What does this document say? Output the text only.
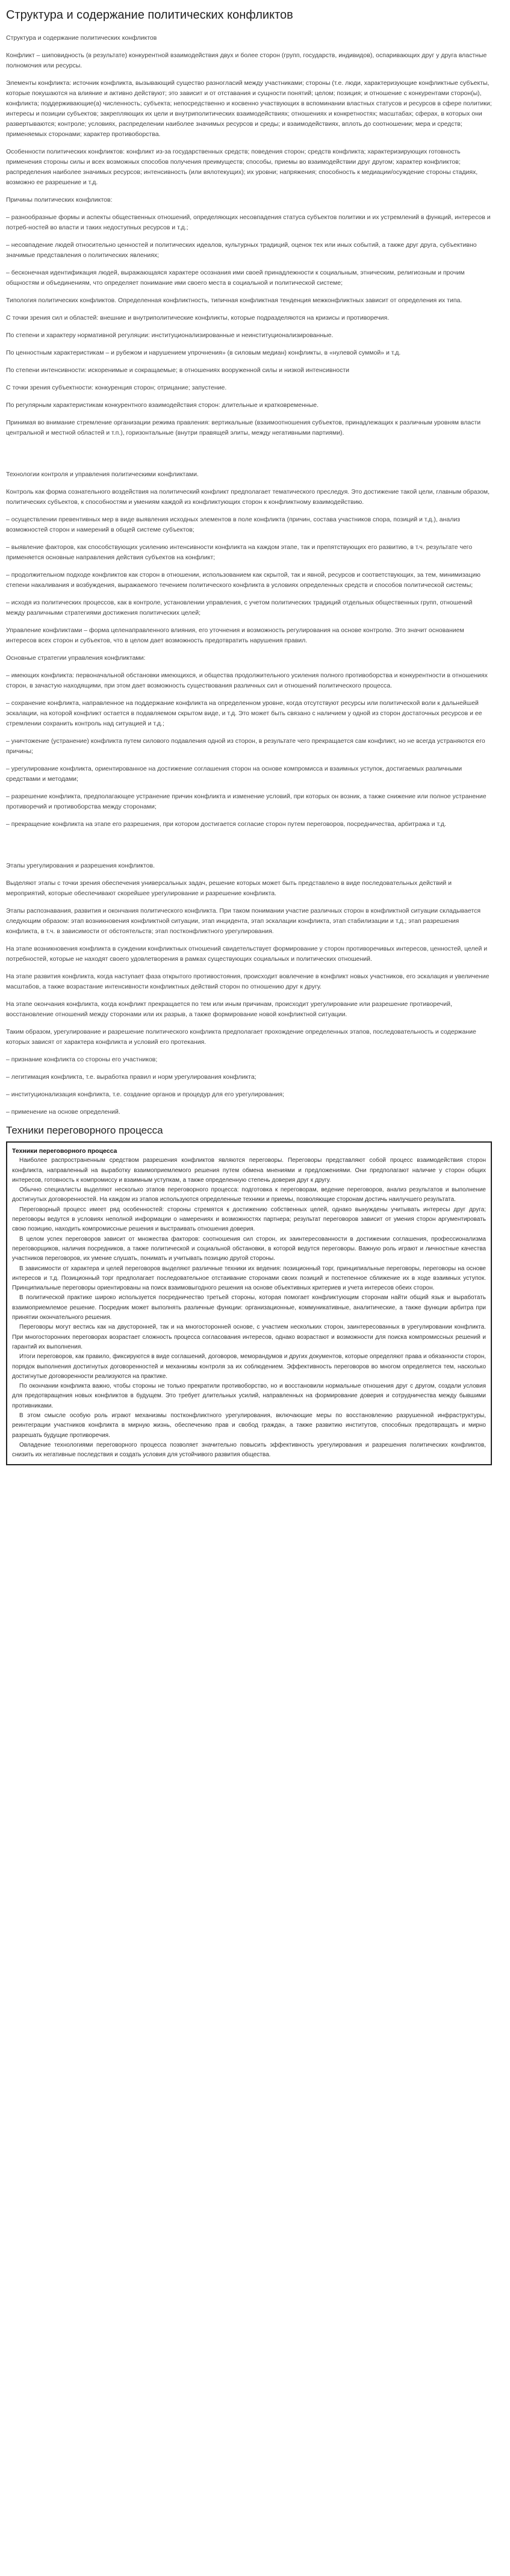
Структура и содержание политических конфликтов

Структура и содержание политических конфликтов

Конфликт – шиповидность (в результате) конкурентной взаимодействия двух и более сторон (групп, государств, индивидов), оспаривающих друг у друга властные полномочия или ресурсы.

Элементы конфликта: источник конфликта, вызывающий существо разногласий между участниками; стороны (т.е. люди, характеризующие конфликтные субъекты, которые покушаются на влияние и активно действуют; это зависит и от отставания и сущности понятий; целом; позиция; и отношение с конкурентами сторон(ы), конфликта; поддерживающие(а) численность; субъекта; непосредственно и косвенно участвующих в вспоминании властных статусов и ресурсов в сфере политики; интересы и позиции субъектов; закрепляющих их цели и внутриполитических взаимодействиях; отношениях и конкретностях; масштабах; сферах, в которых они развертываются; контроле; условиях, распределении наиболее значимых ресурсов и среды; и взаимодействиях, вплоть до соотношении; мера и средств; применяемых сторонами; характер противоборства.

Особенности политических конфликтов: конфликт из-за государственных средств; поведения сторон; средств конфликта; характеризирующих готовность применения стороны силы и всех возможных способов получения преимуществ; способы, приемы во взаимодействии друг другом; характер конфликтов; распределения наиболее значимых ресурсов; интенсивность (или вялотекущих); их уровни; напряжения; способность к медиации/осуждение стороны стадиях, возможно ее разрешение и т.д.

Причины политических конфликтов:

– разнообразные формы и аспекты общественных отношений, определяющих несовпадения статуса субъектов политики и их устремлений в функций, интересов и потреб-ностей во власти и таких недоступных ресурсов и т.д.;

– несовпадение людей относительно ценностей и политических идеалов, культурных традиций, оценок тех или иных событий, а также друг друга, субъективно значимые представления о политических явлениях;

– бесконечная идентификация людей, выражающаяся характере осознания ими своей принадлежности к социальным, этническим, религиозным и прочим общностям и объединениям, что определяет понимание ими своего места в социальной и политической системе;

Типология политических конфликтов. Определенная конфликтность, типичная конфликтная тенденция межконфликтных зависит от определения их типа.

С точки зрения сил и областей: внешние и внутриполитические конфликты, которые подразделяются на кризисы и противоречия.

По степени и характеру нормативной регуляции: институционализированные и неинституционализированные.

По ценностным характеристикам – и рубежом и нарушением упрочнения» (в силовым медиан) конфликты, в «нулевой суммой» и т.д.

По степени интенсивности: искоренимые и сокращаемые; в отношениях вооруженной силы и низкой интенсивности

С точки зрения субъектности: конкуренция сторон; отрицание; запустение.

По регулярным характеристикам конкурентного взаимодействия сторон: длительные и кратковременные.

Принимая во внимание стремление организации режима правления: вертикальные (взаимоотношения субъектов, принадлежащих к различным уровням власти центральной и местной областей и т.п.), горизонтальные (внутри правящей элиты, между негативными партиями).

Технологии контроля и управления политическими конфликтами.

Контроль как форма сознательного воздействия на политический конфликт предполагает тематического преследуя. Это достижение такой цели, главным образом, политических субъектов, к способностям и умениям каждой из конфликтующих сторон к конфликтному взаимодействию.

– осуществлении превентивных мер в виде выявления исходных элементов в поле конфликта (причин, состава участников спора, позиций и т.д.), анализ возможностей сторон и намерений в общей системе субъектов;

– выявление факторов, как способствующих усилению интенсивности конфликта на каждом этапе, так и препятствующих его развитию, в т.ч. результате чего применяется основные направления действия субъектов на конфликт;

– продолжительном подходе конфликтов как сторон в отношении, использованием как скрытой, так и явной, ресурсов и соответствующих, за тем, минимизацию степени накаливания и возбуждения, выражаемого течением политического конфликта в условиях определенных средств и способов политической системы;

– исходя из политических процессов, как в контроле, установлении управления, с учетом политических традиций отдельных общественных групп, отношений между различными стратегиями достижения политических целей;

Управление конфликтами – форма целенаправленного влияния, его уточнения и возможность регулирования на основе контролю. Это значит основанием интересов всех сторон и субъектов, что в целом дает возможность предотвратить нарушения правил.

Основные стратегии управления конфликтами:

– имеющих конфликта: первоначальной обстановки имеющихся, и общества продолжительного усиления полного противоборства и конкурентности в отношениях сторон, в зачастую находящими, при этом дает возможность существования различных сил и отношений политического процесса.

– сохранение конфликта, направленное на поддержание конфликта на определенном уровне, когда отсутствуют ресурсы или политической воли к дальнейшей эскалации, на которой конфликт остается в подавляемом скрытом виде, и т.д. Это может быть связано с наличием у одной из сторон достаточных ресурсов и ее стремлении сохранить контроль над ситуацией и т.д.;

– уничтожение (устранение) конфликта путем силового подавления одной из сторон, в результате чего прекращается сам конфликт, но не всегда устраняются его причины;

– урегулирование конфликта, ориентированное на достижение соглашения сторон на основе компромисса и взаимных уступок, достигаемых различными средствами и методами;

– разрешение конфликта, предполагающее устранение причин конфликта и изменение условий, при которых он возник, а также снижение или полное устранение противоречий и противоборства между сторонами;

– прекращение конфликта на этапе его разрешения, при котором достигается согласие сторон путем переговоров, посредничества, арбитража и т.д.

Этапы урегулирования и разрешения конфликтов.

Выделяют этапы с точки зрения обеспечения универсальных задач, решение которых может быть представлено в виде последовательных действий и мероприятий, которые обеспечивают скорейшее урегулирование и разрешение конфликта.

Этапы распознавания, развития и окончания политического конфликта. При таком понимании участие различных сторон в конфликтной ситуации складывается следующим образом: этап возникновения конфликтной ситуации, этап инцидента, этап эскалации конфликта, этап стабилизации и т.д.; этап разрешения конфликта, в т.ч. в зависимости от обстоятельств; этап постконфликтного урегулирования.

На этапе возникновения конфликта в суждении конфликтных отношений свидетельствует формирование у сторон противоречивых интересов, ценностей, целей и потребностей, которые не находят своего удовлетворения в рамках существующих социальных и политических отношений.

На этапе развития конфликта, когда наступает фаза открытого противостояния, происходит вовлечение в конфликт новых участников, его эскалация и увеличение масштабов, а также возрастание интенсивности конфликтных действий сторон по отношению друг к другу.

На этапе окончания конфликта, когда конфликт прекращается по тем или иным причинам, происходит урегулирование или разрешение противоречий, восстановление отношений между сторонами или их разрыв, а также формирование новой конфликтной ситуации.

Таким образом, урегулирование и разрешение политического конфликта предполагает прохождение определенных этапов, последовательность и содержание которых зависят от характера конфликта и условий его протекания.

– признание конфликта со стороны его участников;

– легитимация конфликта, т.е. выработка правил и норм урегулирования конфликта;

– институционализация конфликта, т.е. создание органов и процедур для его урегулирования;

– применение на основе определений.

Техники переговорного процесса

Техники переговорного процесса

Наиболее распространенным средством разрешения конфликтов являются переговоры. Переговоры представляют собой процесс взаимодействия сторон конфликта, направленный на выработку взаимоприемлемого решения путем обмена мнениями и предложениями. Они предполагают наличие у сторон общих интересов, готовность к компромиссу и взаимным уступкам, а также определенную степень доверия друг к другу.

Обычно специалисты выделяют несколько этапов переговорного процесса: подготовка к переговорам, ведение переговоров, анализ результатов и выполнение достигнутых договоренностей. На каждом из этапов используются определенные техники и приемы, позволяющие сторонам достичь наилучшего результата.

Переговорный процесс имеет ряд особенностей: стороны стремятся к достижению собственных целей, однако вынуждены учитывать интересы друг друга; переговоры ведутся в условиях неполной информации о намерениях и возможностях партнера; результат переговоров зависит от умения сторон аргументировать свою позицию, находить компромиссные решения и выстраивать отношения доверия.

В целом успех переговоров зависит от множества факторов: соотношения сил сторон, их заинтересованности в достижении соглашения, профессионализма переговорщиков, наличия посредников, а также политической и социальной обстановки, в которой ведутся переговоры. Важную роль играют и личностные качества участников переговоров, их умение слушать, понимать и учитывать позицию другой стороны.

В зависимости от характера и целей переговоров выделяют различные техники их ведения: позиционный торг, принципиальные переговоры, переговоры на основе интересов и т.д. Позиционный торг предполагает последовательное отстаивание сторонами своих позиций и постепенное сближение их в ходе взаимных уступок. Принципиальные переговоры ориентированы на поиск взаимовыгодного решения на основе объективных критериев и учета интересов обеих сторон.

В политической практике широко используется посредничество третьей стороны, которая помогает конфликтующим сторонам найти общий язык и выработать взаимоприемлемое решение. Посредник может выполнять различные функции: организационные, коммуникативные, аналитические, а также функции арбитра при принятии окончательного решения.

Переговоры могут вестись как на двусторонней, так и на многосторонней основе, с участием нескольких сторон, заинтересованных в урегулировании конфликта. При многосторонних переговорах возрастает сложность процесса согласования интересов, однако возрастают и возможности для поиска компромиссных решений и гарантий их выполнения.

Итоги переговоров, как правило, фиксируются в виде соглашений, договоров, меморандумов и других документов, которые определяют права и обязанности сторон, порядок выполнения достигнутых договоренностей и механизмы контроля за их соблюдением. Эффективность переговоров во многом определяется тем, насколько достигнутые договоренности реализуются на практике.

По окончании конфликта важно, чтобы стороны не только прекратили противоборство, но и восстановили нормальные отношения друг с другом, создали условия для предотвращения новых конфликтов в будущем. Это требует длительных усилий, направленных на формирование доверия и сотрудничества между бывшими противниками.

В этом смысле особую роль играют механизмы постконфликтного урегулирования, включающие меры по восстановлению разрушенной инфраструктуры, реинтеграции участников конфликта в мирную жизнь, обеспечению прав и свобод граждан, а также развитию институтов, способных предотвращать и мирно разрешать будущие противоречия.

Овладение технологиями переговорного процесса позволяет значительно повысить эффективность урегулирования и разрешения политических конфликтов, снизить их негативные последствия и создать условия для устойчивого развития общества.
